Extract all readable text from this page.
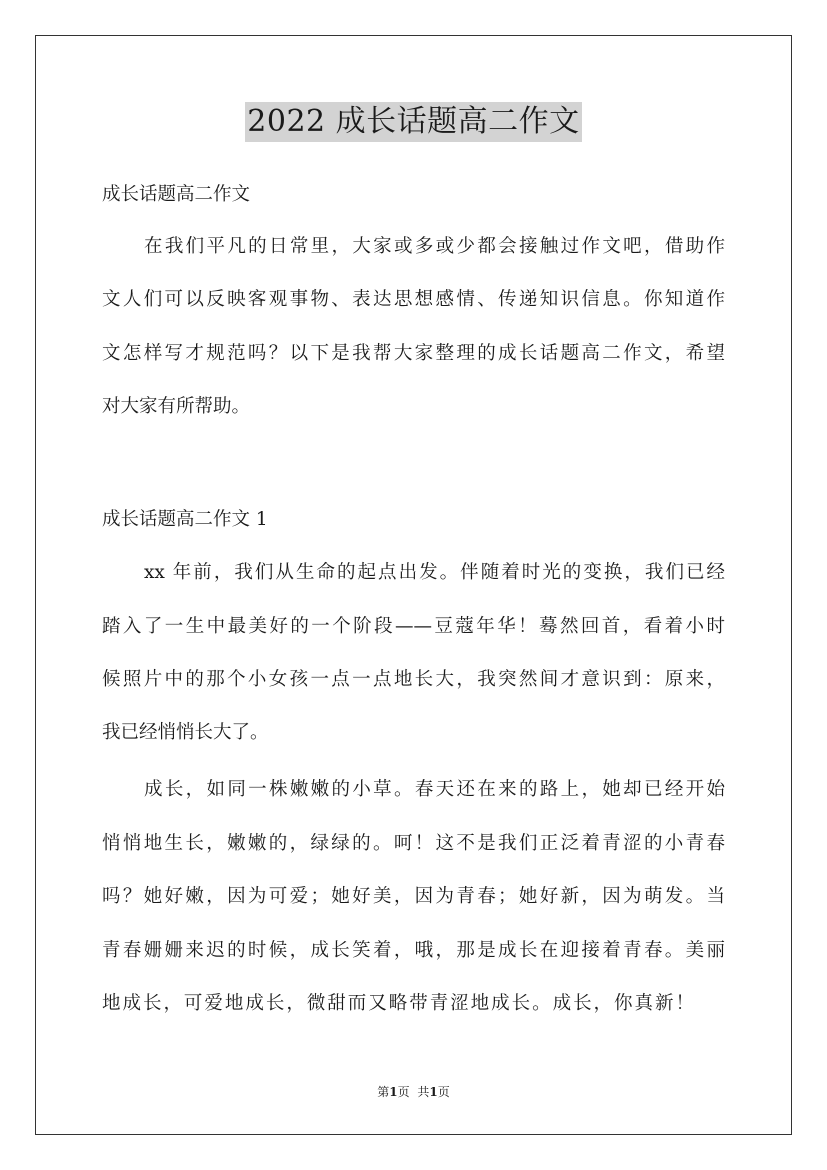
2022 成长话题高二作文
成长话题高二作文
在我们平凡的日常里，大家或多或少都会接触过作文吧，借助作
文人们可以反映客观事物、表达思想感情、传递知识信息。你知道作
文怎样写才规范吗？以下是我帮大家整理的成长话题高二作文，希望
对大家有所帮助。
成长话题高二作文 1
xx 年前，我们从生命的起点出发。伴随着时光的变换，我们已经
踏入了一生中最美好的一个阶段——豆蔻年华！蓦然回首，看着小时
候照片中的那个小女孩一点一点地长大，我突然间才意识到：原来，
我已经悄悄长大了。
成长，如同一株嫩嫩的小草。春天还在来的路上，她却已经开始
悄悄地生长，嫩嫩的，绿绿的。呵！这不是我们正泛着青涩的小青春
吗？她好嫩，因为可爱；她好美，因为青春；她好新，因为萌发。当
青春姗姗来迟的时候，成长笑着，哦，那是成长在迎接着青春。美丽
地成长，可爱地成长，微甜而又略带青涩地成长。成长，你真新！
第1页 共1页
